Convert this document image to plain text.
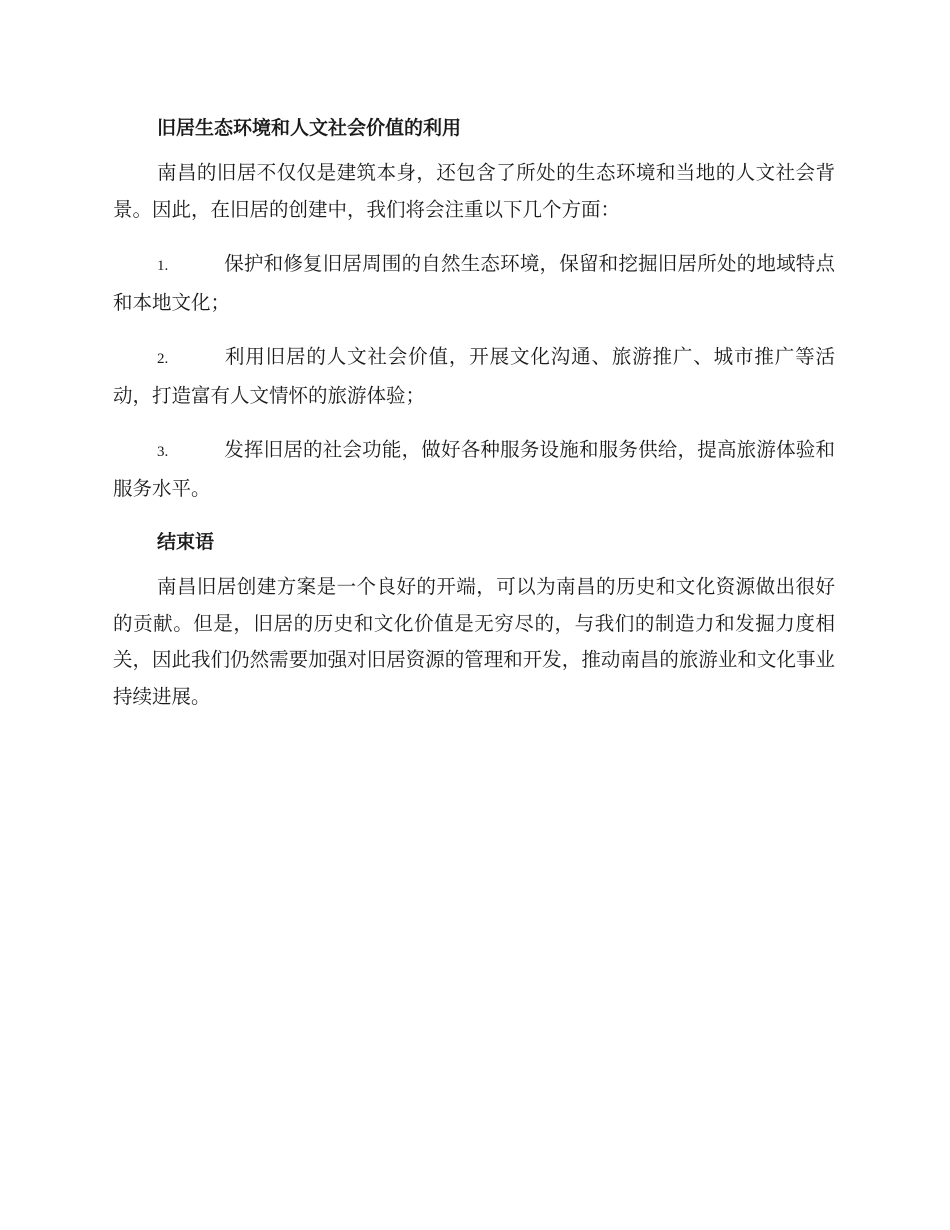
旧居生态环境和人文社会价值的利用

南昌的旧居不仅仅是建筑本身，还包含了所处的生态环境和当地的人文社会背景。因此，在旧居的创建中，我们将会注重以下几个方面：

1.	保护和修复旧居周围的自然生态环境，保留和挖掘旧居所处的地域特点和本地文化；

2.	利用旧居的人文社会价值，开展文化沟通、旅游推广、城市推广等活动，打造富有人文情怀的旅游体验；

3.	发挥旧居的社会功能，做好各种服务设施和服务供给，提高旅游体验和服务水平。

结束语

南昌旧居创建方案是一个良好的开端，可以为南昌的历史和文化资源做出很好的贡献。但是，旧居的历史和文化价值是无穷尽的，与我们的制造力和发掘力度相关，因此我们仍然需要加强对旧居资源的管理和开发，推动南昌的旅游业和文化事业持续进展。
